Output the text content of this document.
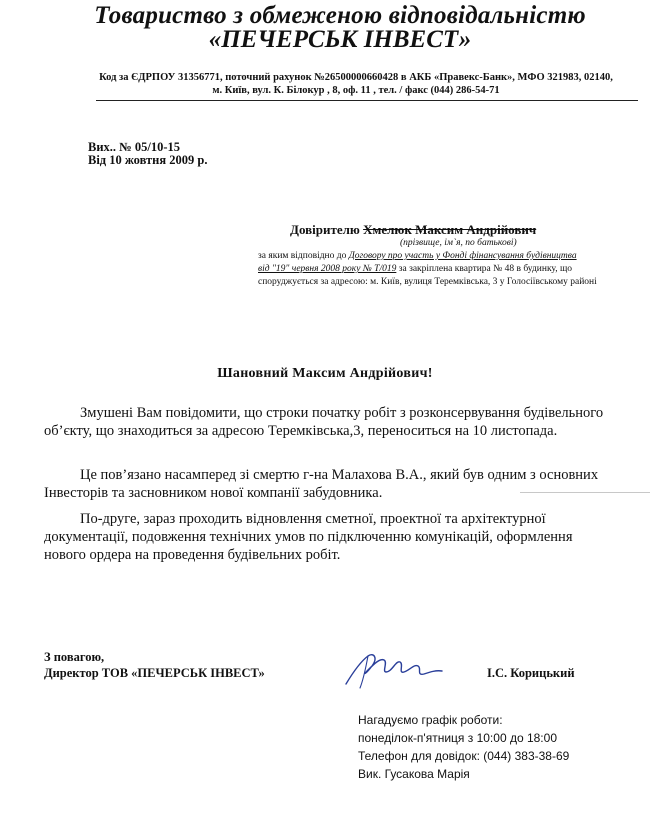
Товариство з обмеженою відповідальністю
«ПЕЧЕРСЬК ІНВЕСТ»
Код за ЄДРПОУ 31356771, поточний рахунок №26500000660428 в АКБ «Правекс-Банк», МФО 321983, 02140,
м. Київ, вул. К. Білокур , 8, оф. 11 , тел. / факс (044) 286-54-71
Вих.. № 05/10-15
Від 10 жовтня 2009 р.
Довірителю Хмелюк Максим Андрійович
(прізвище, ім`я, по батькові)
за яким відповідно до Договору про участь у Фонді фінансування будівництва
від "19" червня 2008 року № Т/019 за закріплена квартира № 48 в будинку, що
споруджується за адресою: м. Київ, вулиця Теремківська, 3 у Голосіївському районі
Шановний Максим Андрійович!
Змушені Вам повідомити, що строки початку робіт з розконсервування будівельного об’єкту, що знаходиться за адресою Теремківська,3, переноситься на 10 листопада.
Це пов’язано насамперед зі смертю г-на Малахова В.А., який був одним з основних Інвесторів та засновником нової компанії забудовника.
По-друге, зараз проходить відновлення сметної, проектної та архітектурної документації, подовження технічних умов по підключенню комунікацій, оформлення нового ордера на проведення будівельних робіт.
З повагою,
Директор ТОВ «ПЕЧЕРСЬК ІНВЕСТ»	І.С. Корицький
Нагадуємо графік роботи:
понеділок-п'ятниця з 10:00 до 18:00
Телефон для довідок: (044) 383-38-69
Вик. Гусакова Марія
